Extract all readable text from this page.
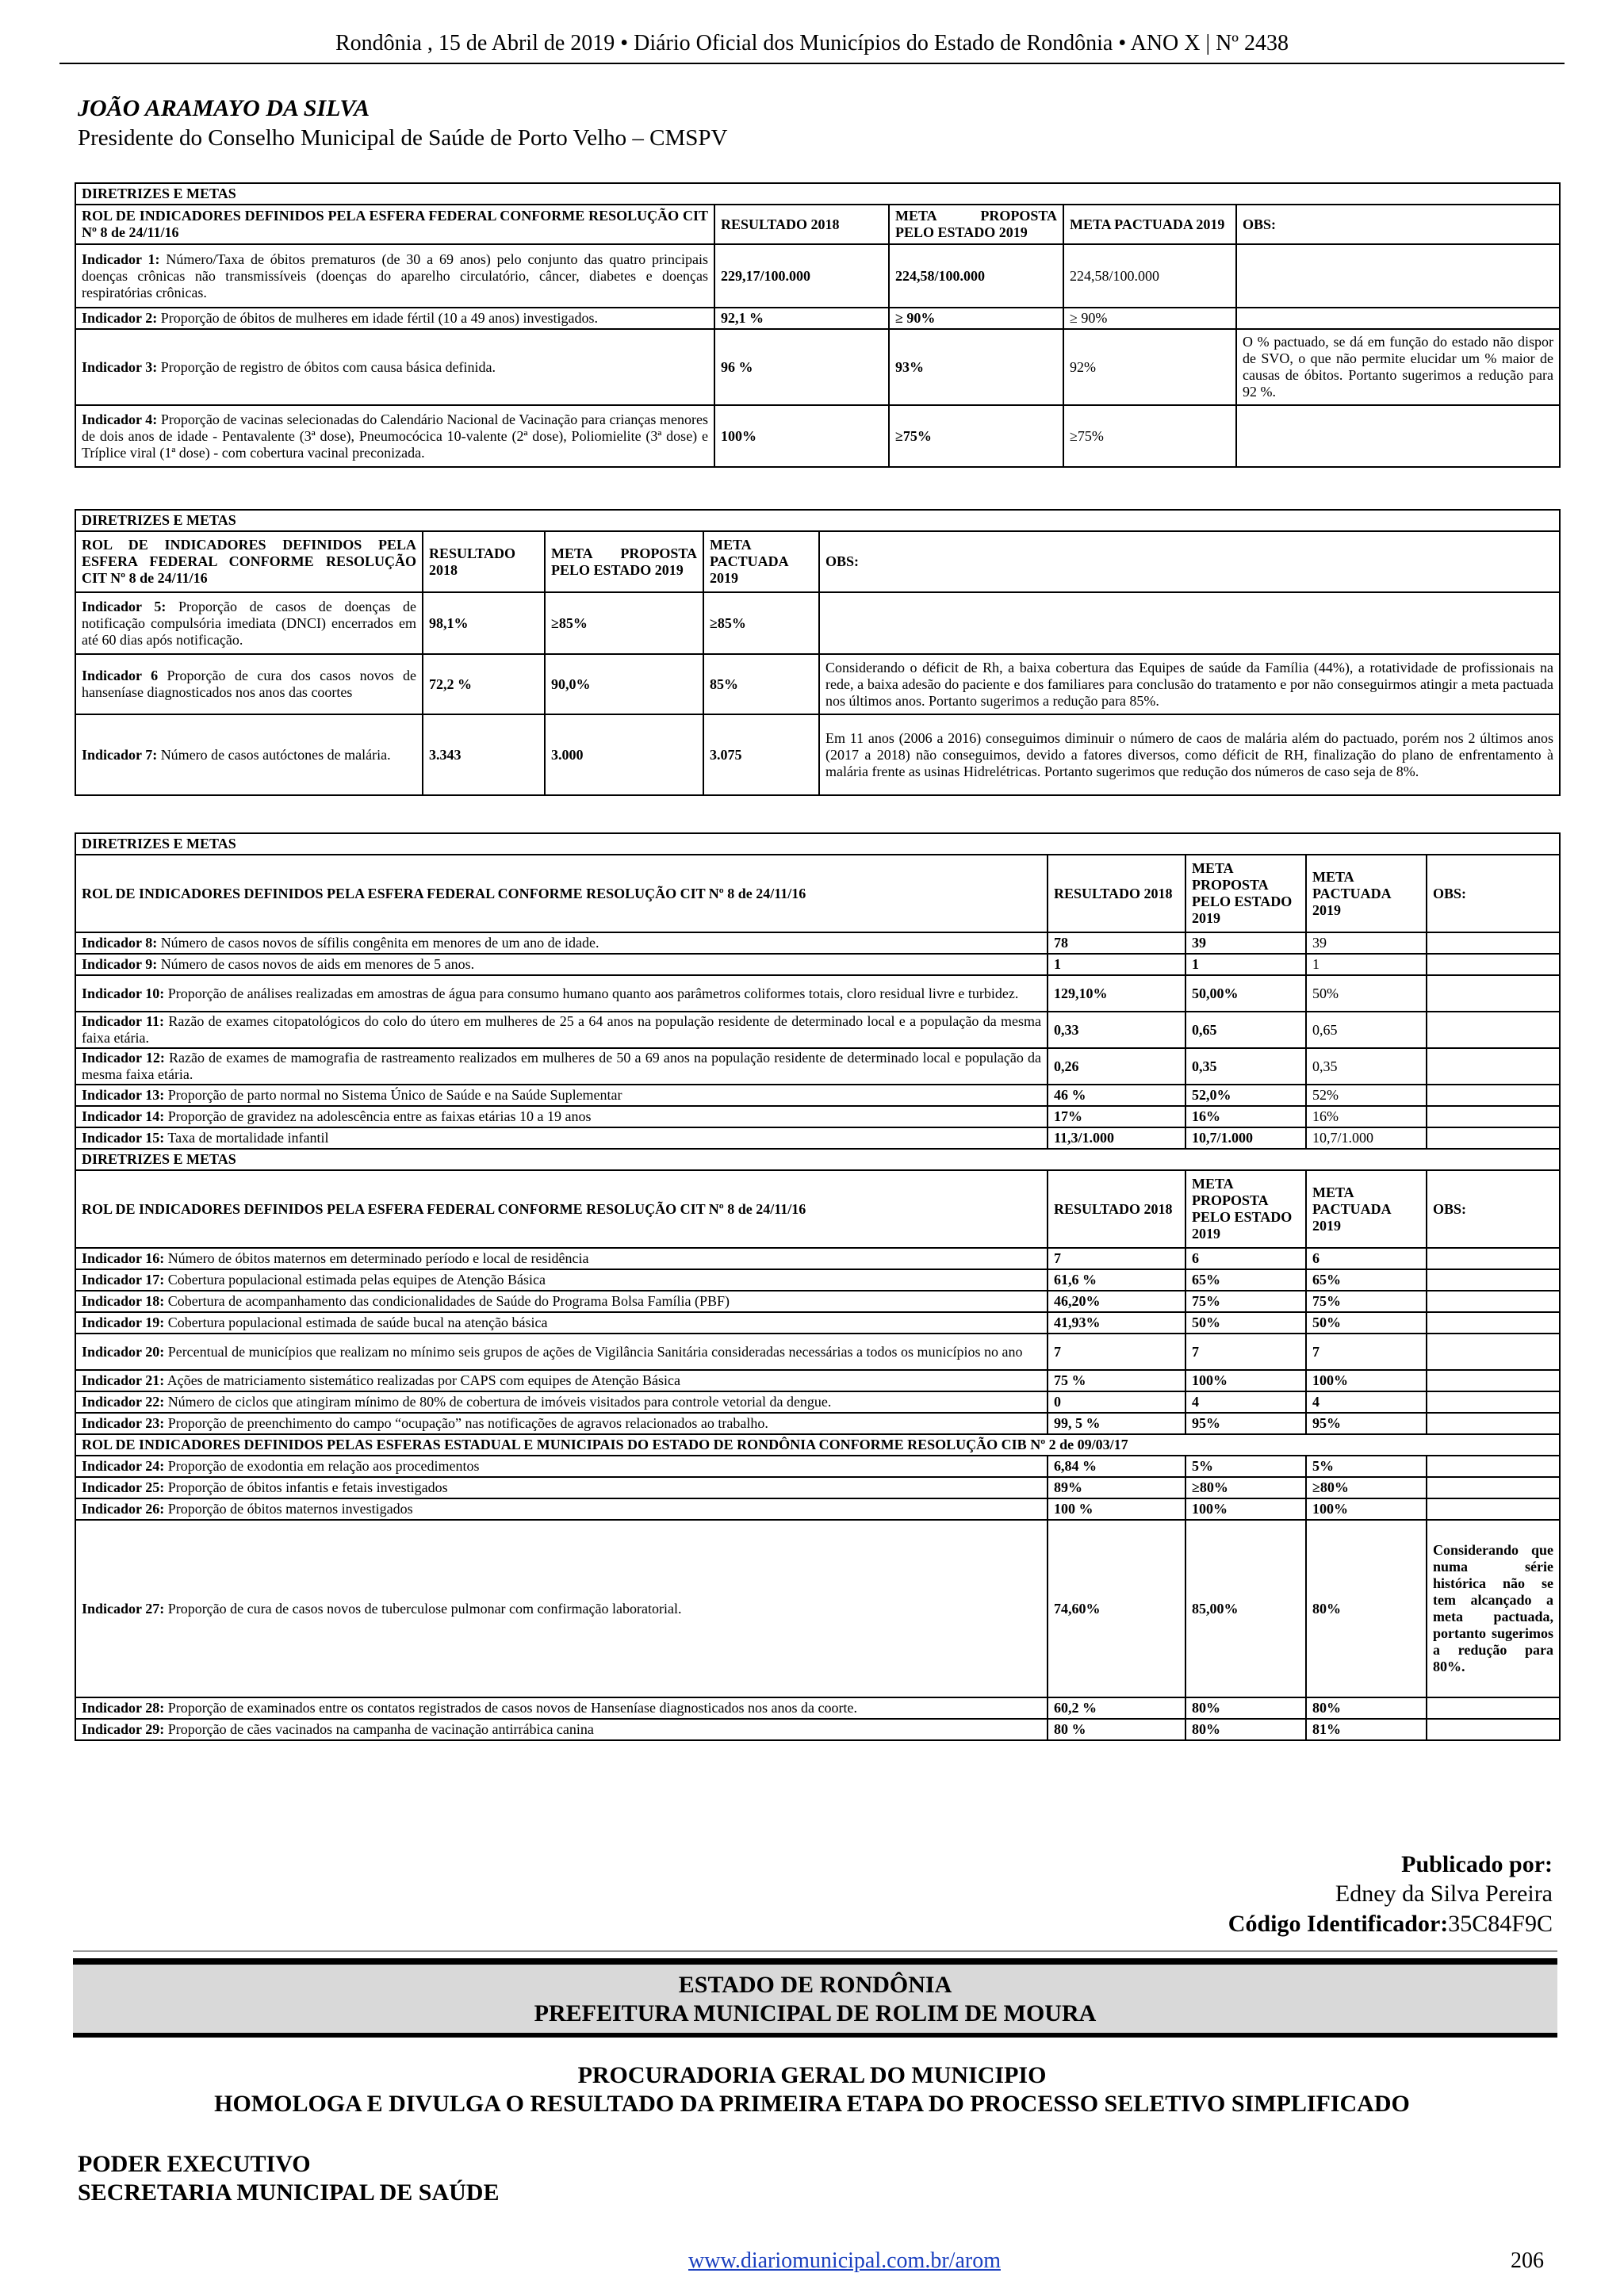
Rondônia , 15 de Abril de 2019 • Diário Oficial dos Municípios do Estado de Rondônia • ANO X | Nº 2438
JOÃO ARAMAYO DA SILVA
Presidente do Conselho Municipal de Saúde de Porto Velho – CMSPV
DIRETRIZES E METAS				
ROL DE INDICADORES DEFINIDOS PELA ESFERA FEDERAL CONFORME RESOLUÇÃO CIT Nº 8 de 24/11/16	RESULTADO 2018	META PROPOSTA PELO ESTADO 2019	META PACTUADA 2019	OBS:
Indicador 1: Número/Taxa de óbitos prematuros (de 30 a 69 anos) pelo conjunto das quatro principais doenças crônicas não transmissíveis (doenças do aparelho circulatório, câncer, diabetes e doenças respiratórias crônicas.	229,17/100.000	224,58/100.000	224,58/100.000	
Indicador 2: Proporção de óbitos de mulheres em idade fértil (10 a 49 anos) investigados.	92,1 %	≥ 90%	≥ 90%	
Indicador 3: Proporção de registro de óbitos com causa básica definida.	96 %	93%	92%	O % pactuado, se dá em função do estado não dispor de SVO, o que não permite elucidar um % maior de causas de óbitos. Portanto sugerimos a redução para 92 %.
Indicador 4: Proporção de vacinas selecionadas do Calendário Nacional de Vacinação para crianças menores de dois anos de idade - Pentavalente (3ª dose), Pneumocócica 10-valente (2ª dose), Poliomielite (3ª dose) e Tríplice viral (1ª dose) - com cobertura vacinal preconizada.	100%	≥75%	≥75%	
DIRETRIZES E METAS				
ROL DE INDICADORES DEFINIDOS PELA ESFERA FEDERAL CONFORME RESOLUÇÃO CIT Nº 8 de 24/11/16	RESULTADO 2018	META PROPOSTA PELO ESTADO 2019	META PACTUADA 2019	OBS:
Indicador 5: Proporção de casos de doenças de notificação compulsória imediata (DNCI) encerrados em até 60 dias após notificação.	98,1%	≥85%	≥85%	
Indicador 6 Proporção de cura dos casos novos de hanseníase diagnosticados nos anos das coortes	72,2 %	90,0%	85%	Considerando o déficit de Rh, a baixa cobertura das Equipes de saúde da Família (44%), a rotatividade de profissionais na rede, a baixa adesão do paciente e dos familiares para conclusão do tratamento e por não conseguirmos atingir a meta pactuada nos últimos anos. Portanto sugerimos a redução para 85%.
Indicador 7: Número de casos autóctones de malária.	3.343	3.000	3.075	Em 11 anos (2006 a 2016) conseguimos diminuir o número de caos de malária além do pactuado, porém nos 2 últimos anos (2017 a 2018) não conseguimos, devido a fatores diversos, como déficit de RH, finalização do plano de enfrentamento à malária frente as usinas Hidrelétricas. Portanto sugerimos que redução dos números de caso seja de 8%.
DIRETRIZES E METAS				
ROL DE INDICADORES DEFINIDOS PELA ESFERA FEDERAL CONFORME RESOLUÇÃO CIT Nº 8 de 24/11/16	RESULTADO 2018	META PROPOSTA PELO ESTADO 2019	META PACTUADA 2019	OBS:
Indicador 8: Número de casos novos de sífilis congênita em menores de um ano de idade.	78	39	39	
Indicador 9: Número de casos novos de aids em menores de 5 anos.	1	1	1	
Indicador 10: Proporção de análises realizadas em amostras de água para consumo humano quanto aos parâmetros coliformes totais, cloro residual livre e turbidez.	129,10%	50,00%	50%	
Indicador 11: Razão de exames citopatológicos do colo do útero em mulheres de 25 a 64 anos na população residente de determinado local e a população da mesma faixa etária.	0,33	0,65	0,65	
Indicador 12: Razão de exames de mamografia de rastreamento realizados em mulheres de 50 a 69 anos na população residente de determinado local e população da mesma faixa etária.	0,26	0,35	0,35	
Indicador 13: Proporção de parto normal no Sistema Único de Saúde e na Saúde Suplementar	46 %	52,0%	52%	
Indicador 14: Proporção de gravidez na adolescência entre as faixas etárias 10 a 19 anos	17%	16%	16%	
Indicador 15: Taxa de mortalidade infantil	11,3/1.000	10,7/1.000	10,7/1.000	
DIRETRIZES E METAS				
ROL DE INDICADORES DEFINIDOS PELA ESFERA FEDERAL CONFORME RESOLUÇÃO CIT Nº 8 de 24/11/16	RESULTADO 2018	META PROPOSTA PELO ESTADO 2019	META PACTUADA 2019	OBS:
Indicador 16: Número de óbitos maternos em determinado período e local de residência	7	6	6	
Indicador 17: Cobertura populacional estimada pelas equipes de Atenção Básica	61,6 %	65%	65%	
Indicador 18: Cobertura de acompanhamento das condicionalidades de Saúde do Programa Bolsa Família (PBF)	46,20%	75%	75%	
Indicador 19: Cobertura populacional estimada de saúde bucal na atenção básica	41,93%	50%	50%	
Indicador 20: Percentual de municípios que realizam no mínimo seis grupos de ações de Vigilância Sanitária consideradas necessárias a todos os municípios no ano	7	7	7	
Indicador 21: Ações de matriciamento sistemático realizadas por CAPS com equipes de Atenção Básica	75 %	100%	100%	
Indicador 22: Número de ciclos que atingiram mínimo de 80% de cobertura de imóveis visitados para controle vetorial da dengue.	0	4	4	
Indicador 23: Proporção de preenchimento do campo “ocupação” nas notificações de agravos relacionados ao trabalho.	99, 5 %	95%	95%	
ROL DE INDICADORES DEFINIDOS PELAS ESFERAS ESTADUAL E MUNICIPAIS DO ESTADO DE RONDÔNIA CONFORME RESOLUÇÃO CIB Nº 2 de 09/03/17				
Indicador 24: Proporção de exodontia em relação aos procedimentos	6,84 %	5%	5%	
Indicador 25: Proporção de óbitos infantis e fetais investigados	89%	≥80%	≥80%	
Indicador 26: Proporção de óbitos maternos investigados	100 %	100%	100%	
Indicador 27: Proporção de cura de casos novos de tuberculose pulmonar com confirmação laboratorial.	74,60%	85,00%	80%	Considerando que numa série histórica não se tem alcançado a meta pactuada, portanto sugerimos a redução para 80%.
Indicador 28: Proporção de examinados entre os contatos registrados de casos novos de Hanseníase diagnosticados nos anos da coorte.	60,2 %	80%	80%	
Indicador 29: Proporção de cães vacinados na campanha de vacinação antirrábica canina	80 %	80%	81%	
Publicado por:
Edney da Silva Pereira
Código Identificador:35C84F9C
ESTADO DE RONDÔNIA
PREFEITURA MUNICIPAL DE ROLIM DE MOURA
PROCURADORIA GERAL DO MUNICIPIO
HOMOLOGA E DIVULGA O RESULTADO DA PRIMEIRA ETAPA DO PROCESSO SELETIVO SIMPLIFICADO
PODER EXECUTIVO
SECRETARIA MUNICIPAL DE SAÚDE
www.diariomunicipal.com.br/arom	206
